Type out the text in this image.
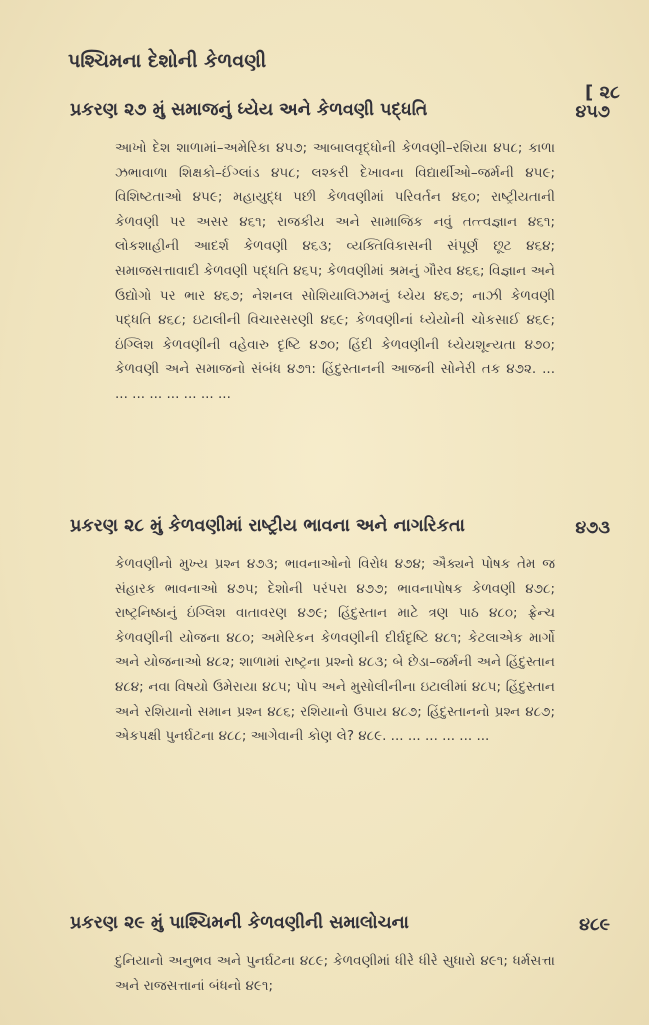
પશ્ચિમના દેશોની કેળવણી
[ ૨૮
પ્રકરણ ૨૭ મું સમાજનું ધ્યેય અને કેળવણી પદ્ધતિ	૪૫૭
આખો દેશ શાળામાં–અમેરિકા ૪૫૭; આબાલવૃદ્ધોની કેળવણી–રશિયા ૪૫૮; કાળા ઝભાવાળા શિક્ષકો–ઈંગ્લાંડ ૪૫૮; લશ્કરી દેખાવના વિદ્યાર્થીઓ–જર્મની ૪૫૯; વિશિષ્ટતાઓ ૪૫૯; મહાયુદ્ધ પછી કેળવણીમાં પરિવર્તન ૪૬૦; રાષ્ટ્રીયતાની કેળવણી પર અસર ૪૬૧; રાજકીય અને સામાજિક નવું તત્ત્વજ્ઞાન ૪૬૧; લોકશાહીની આદર્શ કેળવણી ૪૬૩; વ્યક્તિવિકાસની સંપૂર્ણ છૂટ ૪૬૪; સમાજસત્તાવાદી કેળવણી પદ્ધતિ ૪૬૫; કેળવણીમાં શ્રમનું ગૌરવ ૪૬૬; વિજ્ઞાન અને ઉદ્યોગો પર ભાર ૪૬૭; નેશનલ સોશિયાલિઝમનું ધ્યેય ૪૬૭; નાઝી કેળવણી પદ્ધતિ ૪૬૮; ઇટાલીની વિચારસરણી ૪૬૯; કેળવણીનાં ધ્યેયોની ચોકસાઈ ૪૬૯; ઇંગ્લિશ કેળવણીની વહેવારુ દૃષ્ટિ ૪૭૦; હિંદી કેળવણીની ધ્યેયશૂન્યતા ૪૭૦; કેળવણી અને સમાજનો સંબંધ ૪૭૧: હિંદુસ્તાનની આજની સોનેરી તક ૪૭૨. ... ... ... ... ... ... ... ...
પ્રકરણ ૨૮ મું કેળવણીમાં રાષ્ટ્રીય ભાવના અને નાગરિકતા	૪૭૩
કેળવણીનો મુખ્ય પ્રશ્ન ૪૭૩; ભાવનાઓનો વિરોધ ૪૭૪; ઐક્યને પોષક તેમ જ સંહારક ભાવનાઓ ૪૭૫; દેશોની પરંપરા ૪૭૭; ભાવનાપોષક કેળવણી ૪૭૮; રાષ્ટ્રનિષ્ઠાનું ઇંગ્લિશ વાતાવરણ ૪૭૯; હિંદુસ્તાન માટે ત્રણ પાઠ ૪૮૦; ફ્રેન્ચ કેળવણીની યોજના ૪૮૦; અમેરિકન કેળવણીની દીર્ઘદૃષ્ટિ ૪૮૧; કેટલાએક માર્ગો અને યોજનાઓ ૪૮૨; શાળામાં રાષ્ટ્રના પ્રશ્નો ૪૮૩; બે છેડા–જર્મની અને હિંદુસ્તાન ૪૮૪; નવા વિષયો ઉમેરાયા ૪૮૫; પોપ અને મુસોલીનીના ઇટાલીમાં ૪૮૫; હિંદુસ્તાન અને રશિયાનો સમાન પ્રશ્ન ૪૮૬; રશિયાનો ઉપાય ૪૮૭; હિંદુસ્તાનનો પ્રશ્ન ૪૮૭; એકપક્ષી પુનર્ઘટના ૪૮૮; આગેવાની કોણ લે? ૪૮૯. ... ... ... ... ... ...
પ્રકરણ ૨૯ મું પાશ્ચિમની કેળવણીની સમાલોચના	૪૮૯
દુનિયાનો અનુભવ અને પુનર્ઘટના ૪૮૯; કેળવણીમાં ધીરે ધીરે સુધારો ૪૯૧; ધર્મસત્તા અને રાજસત્તાનાં બંધનો ૪૯૧;
